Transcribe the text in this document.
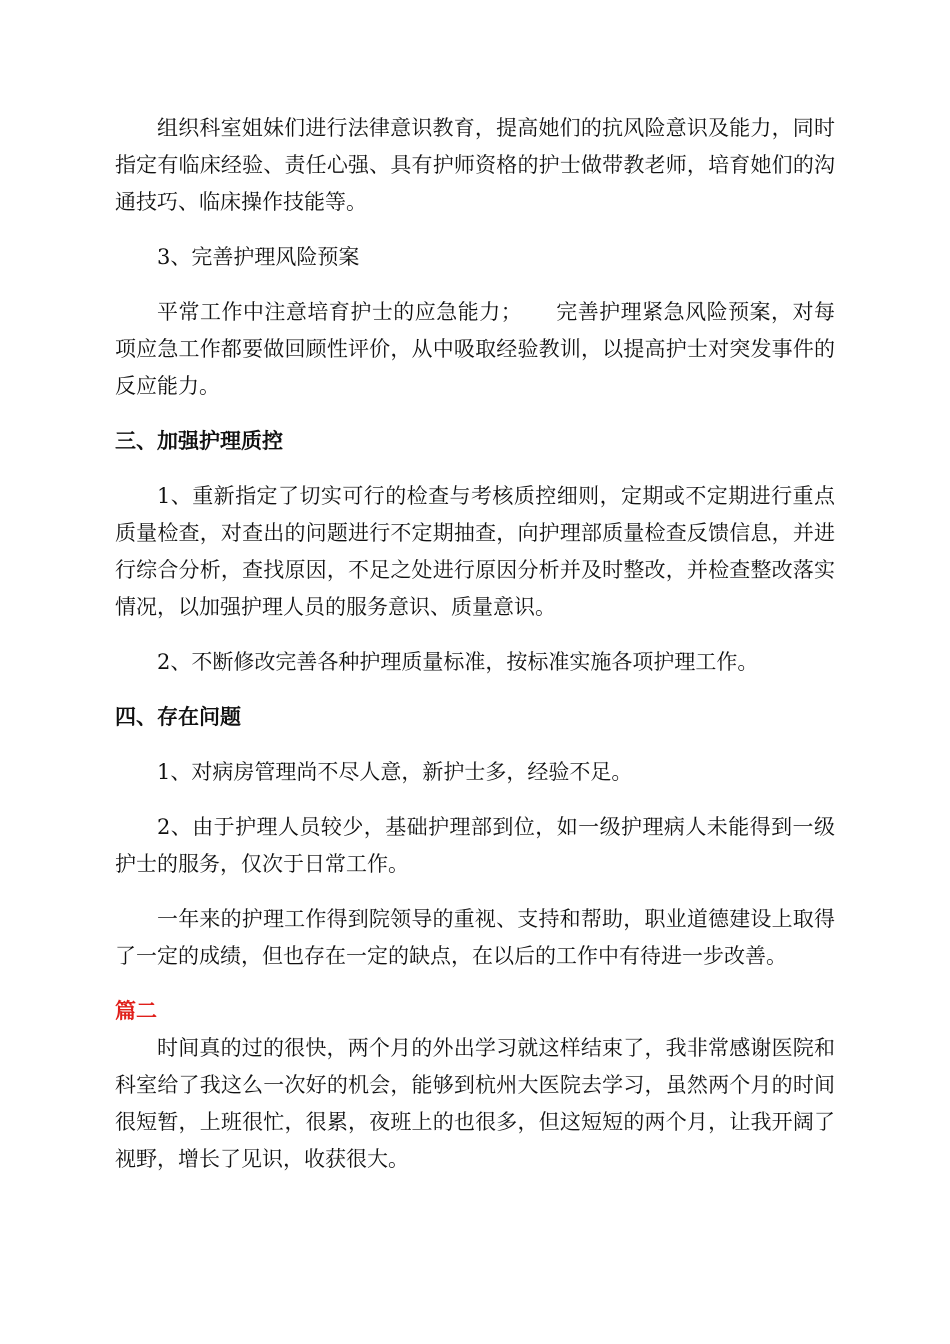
组织科室姐妹们进行法律意识教育，提高她们的抗风险意识及能力，同时指定有临床经验、责任心强、具有护师资格的护士做带教老师，培育她们的沟通技巧、临床操作技能等。

3、完善护理风险预案

平常工作中注意培育护士的应急能力； 完善护理紧急风险预案，对每项应急工作都要做回顾性评价，从中吸取经验教训，以提高护士对突发事件的反应能力。

三、加强护理质控

1、重新指定了切实可行的检查与考核质控细则，定期或不定期进行重点质量检查，对查出的问题进行不定期抽查，向护理部质量检查反馈信息，并进行综合分析，查找原因，不足之处进行原因分析并及时整改，并检查整改落实情况，以加强护理人员的服务意识、质量意识。

2、不断修改完善各种护理质量标准，按标准实施各项护理工作。

四、存在问题

1、对病房管理尚不尽人意，新护士多，经验不足。

2、由于护理人员较少，基础护理部到位，如一级护理病人未能得到一级护士的服务，仅次于日常工作。

一年来的护理工作得到院领导的重视、支持和帮助，职业道德建设上取得了一定的成绩，但也存在一定的缺点，在以后的工作中有待进一步改善。

篇二

时间真的过的很快，两个月的外出学习就这样结束了，我非常感谢医院和科室给了我这么一次好的机会，能够到杭州大医院去学习，虽然两个月的时间很短暂，上班很忙，很累，夜班上的也很多，但这短短的两个月，让我开阔了视野，增长了见识，收获很大。
